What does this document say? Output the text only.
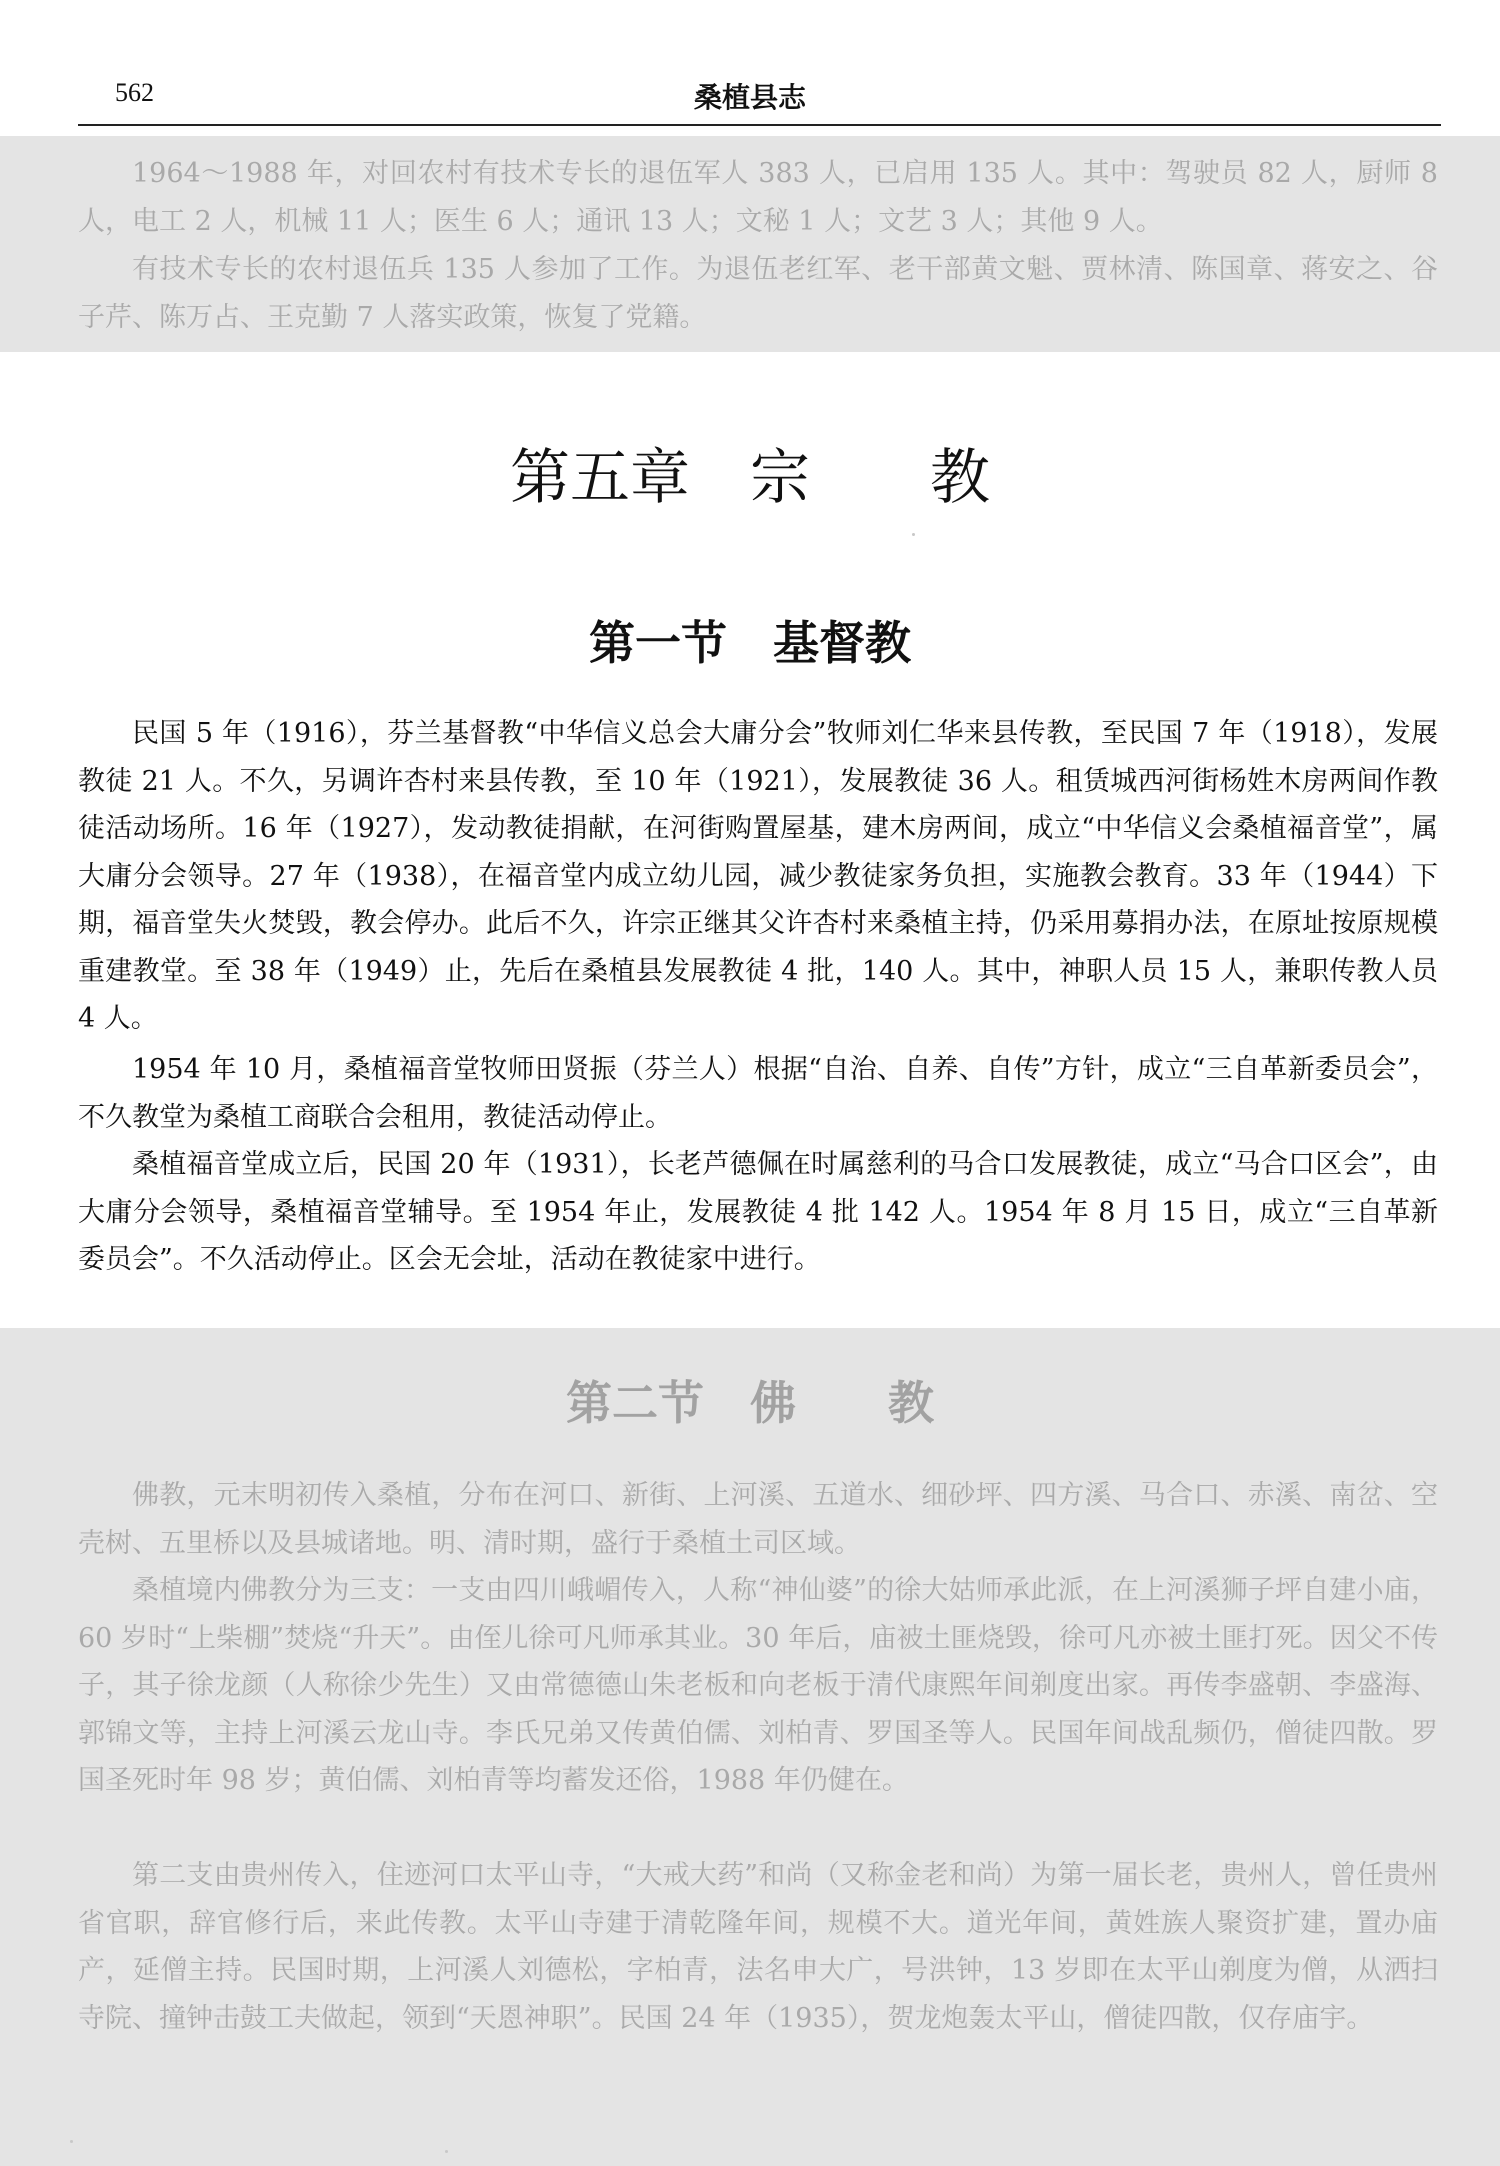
562	桑植县志

1964～1988 年，对回农村有技术专长的退伍军人 383 人，已启用 135 人。其中：驾驶员 82 人，厨师 8 人，电工 2 人，机械 11 人；医生 6 人；通讯 13 人；文秘 1 人；文艺 3 人；其他 9 人。

有技术专长的农村退伍兵 135 人参加了工作。为退伍老红军、老干部黄文魁、贾林清、陈国章、蒋安之、谷子芹、陈万占、王克勤 7 人落实政策，恢复了党籍。

第五章　宗　　教
第一节　基督教

民国 5 年（1916），芬兰基督教“中华信义总会大庸分会”牧师刘仁华来县传教，至民国 7 年（1918），发展教徒 21 人。不久，另调许杏村来县传教，至 10 年（1921），发展教徒 36 人。租赁城西河街杨姓木房两间作教徒活动场所。16 年（1927），发动教徒捐献，在河街购置屋基，建木房两间，成立“中华信义会桑植福音堂”，属大庸分会领导。27 年（1938），在福音堂内成立幼儿园，减少教徒家务负担，实施教会教育。33 年（1944）下期，福音堂失火焚毁，教会停办。此后不久，许宗正继其父许杏村来桑植主持，仍采用募捐办法，在原址按原规模重建教堂。至 38 年（1949）止，先后在桑植县发展教徒 4 批，140 人。其中，神职人员 15 人，兼职传教人员 4 人。

1954 年 10 月，桑植福音堂牧师田贤振（芬兰人）根据“自治、自养、自传”方针，成立“三自革新委员会”，不久教堂为桑植工商联合会租用，教徒活动停止。

桑植福音堂成立后，民国 20 年（1931），长老芦德佩在时属慈利的马合口发展教徒，成立“马合口区会”，由大庸分会领导，桑植福音堂辅导。至 1954 年止，发展教徒 4 批 142 人。1954 年 8 月 15 日，成立“三自革新委员会”。不久活动停止。区会无会址，活动在教徒家中进行。

第二节　佛　　教

佛教，元末明初传入桑植，分布在河口、新街、上河溪、五道水、细砂坪、四方溪、马合口、赤溪、南岔、空壳树、五里桥以及县城诸地。明、清时期，盛行于桑植土司区域。

桑植境内佛教分为三支：一支由四川峨嵋传入，人称“神仙婆”的徐大姑师承此派，在上河溪狮子坪自建小庙，60 岁时“上柴棚”焚烧“升天”。由侄儿徐可凡师承其业。30 年后，庙被土匪烧毁，徐可凡亦被土匪打死。因父不传子，其子徐龙颜（人称徐少先生）又由常德德山朱老板和向老板于清代康熙年间剃度出家。再传李盛朝、李盛海、郭锦文等，主持上河溪云龙山寺。李氏兄弟又传黄伯儒、刘柏青、罗国圣等人。民国年间战乱频仍，僧徒四散。罗国圣死时年 98 岁；黄伯儒、刘柏青等均蓄发还俗，1988 年仍健在。

第二支由贵州传入，住迹河口太平山寺，“大戒大药”和尚（又称金老和尚）为第一届长老，贵州人，曾任贵州省官职，辞官修行后，来此传教。太平山寺建于清乾隆年间，规模不大。道光年间，黄姓族人聚资扩建，置办庙产，延僧主持。民国时期，上河溪人刘德松，字柏青，法名申大广，号洪钟，13 岁即在太平山剃度为僧，从洒扫寺院、撞钟击鼓工夫做起，领到“天恩神职”。民国 24 年（1935），贺龙炮轰太平山，僧徒四散，仅存庙宇。
